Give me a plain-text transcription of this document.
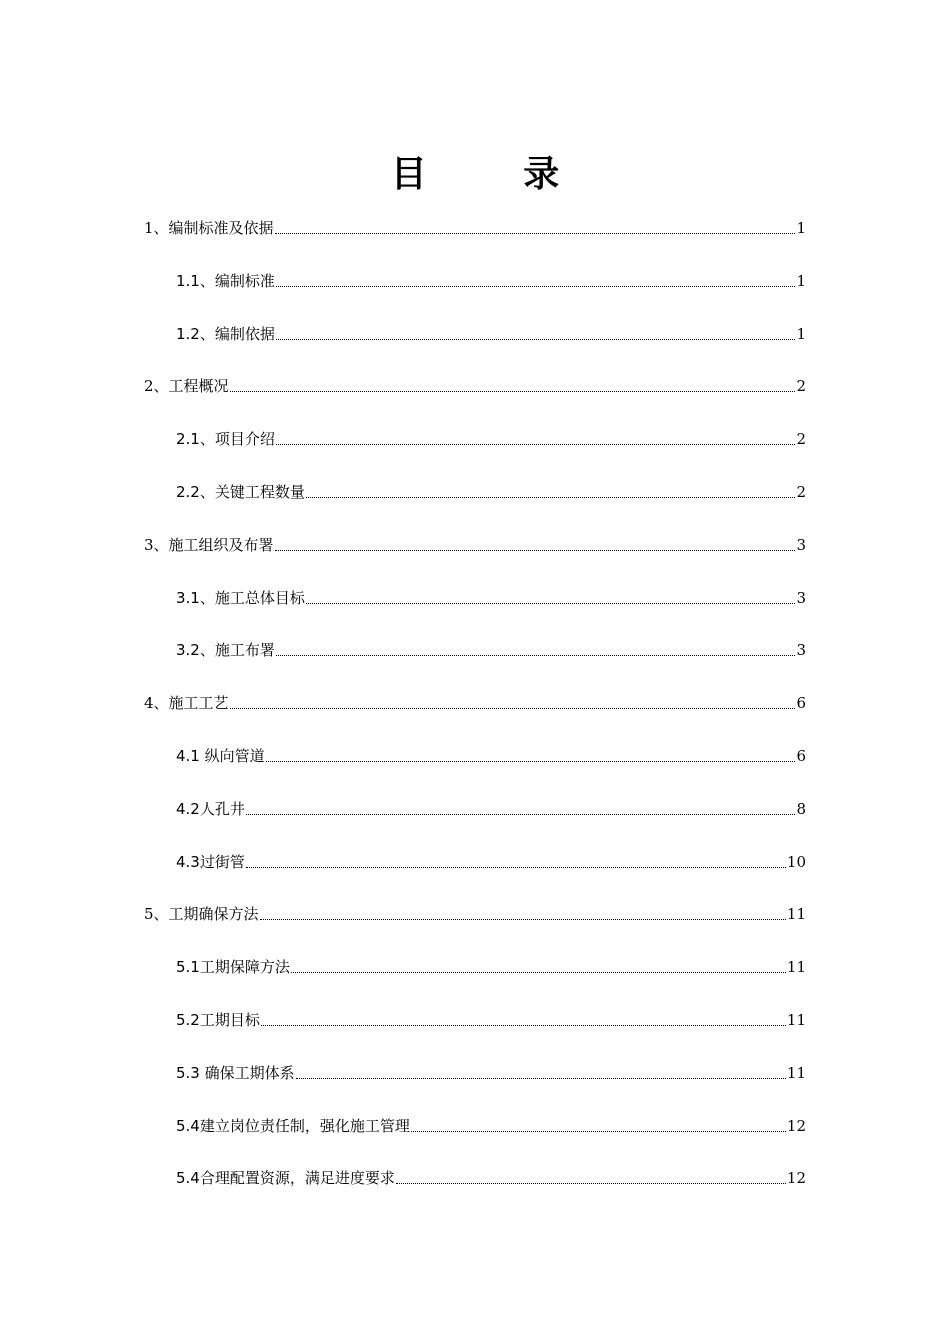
目 录
1、编制标准及依据	1
1.1、编制标准	1
1.2、编制依据	1
2、工程概况	2
2.1、项目介绍	2
2.2、关键工程数量	2
3、施工组织及布署	3
3.1、施工总体目标	3
3.2、施工布署	3
4、施工工艺	6
4.1 纵向管道	6
4.2人孔井	8
4.3过街管	10
5、工期确保方法	11
5.1工期保障方法	11
5.2工期目标	11
5.3 确保工期体系	11
5.4建立岗位责任制，强化施工管理	12
5.4合理配置资源，满足进度要求	12
